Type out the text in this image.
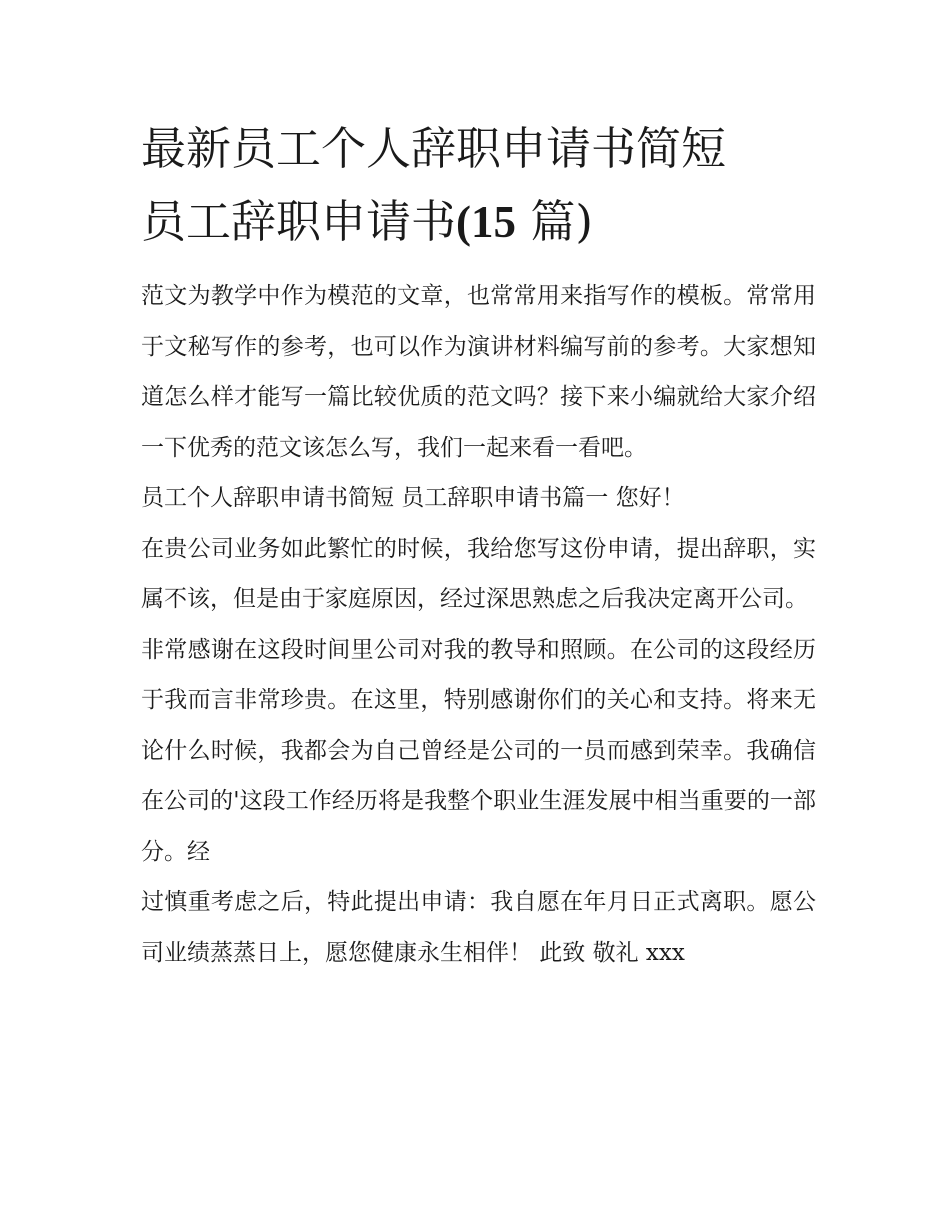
最新员工个人辞职申请书简短
员工辞职申请书(15 篇)

范文为教学中作为模范的文章，也常常用来指写作的模板。常常用于文秘写作的参考，也可以作为演讲材料编写前的参考。大家想知道怎么样才能写一篇比较优质的范文吗？接下来小编就给大家介绍一下优秀的范文该怎么写，我们一起来看一看吧。

员工个人辞职申请书简短 员工辞职申请书篇一 您好！

在贵公司业务如此繁忙的时候，我给您写这份申请，提出辞职，实属不该，但是由于家庭原因，经过深思熟虑之后我决定离开公司。

非常感谢在这段时间里公司对我的教导和照顾。在公司的这段经历于我而言非常珍贵。在这里，特别感谢你们的关心和支持。将来无论什么时候，我都会为自己曾经是公司的一员而感到荣幸。我确信在公司的'这段工作经历将是我整个职业生涯发展中相当重要的一部分。经

过慎重考虑之后，特此提出申请：我自愿在年月日正式离职。愿公司业绩蒸蒸日上，愿您健康永生相伴！ 此致 敬礼 xxx
